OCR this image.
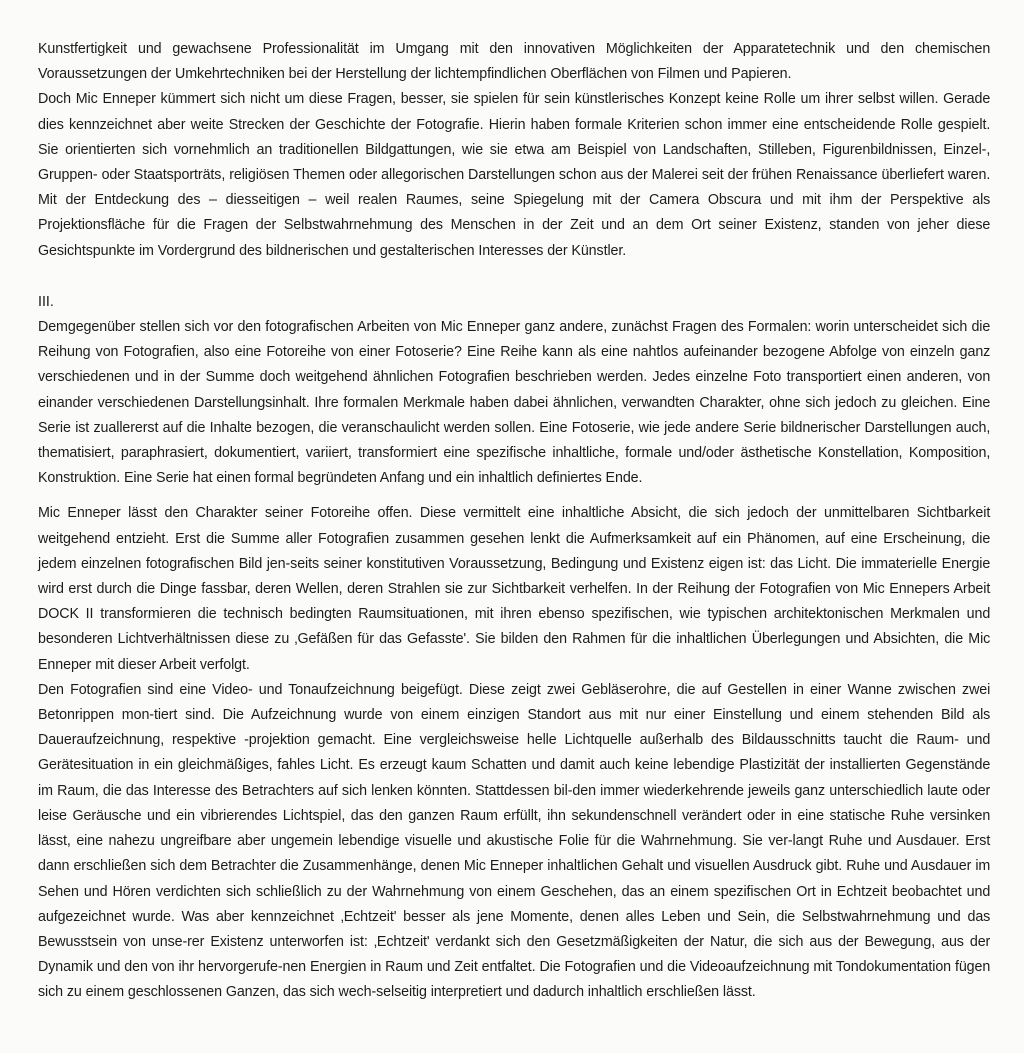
Kunstfertigkeit und gewachsene Professionalität im Umgang mit den innovativen Möglichkeiten der Apparatetechnik und den chemischen Voraussetzungen der Umkehrtechniken bei der Herstellung der lichtempfindlichen Oberflächen von Filmen und Papieren.

Doch Mic Enneper kümmert sich nicht um diese Fragen, besser, sie spielen für sein künstlerisches Konzept keine Rolle um ihrer selbst willen. Gerade dies kennzeichnet aber weite Strecken der Geschichte der Fotografie. Hierin haben formale Kriterien schon immer eine entscheidende Rolle gespielt. Sie orientierten sich vornehmlich an traditionellen Bildgattungen, wie sie etwa am Beispiel von Landschaften, Stilleben, Figurenbildnissen, Einzel-, Gruppen- oder Staatsporträts, religiösen Themen oder allegorischen Darstellungen schon aus der Malerei seit der frühen Renaissance überliefert waren. Mit der Entdeckung des – diesseitigen – weil realen Raumes, seine Spiegelung mit der Camera Obscura und mit ihm der Perspektive als Projektionsfläche für die Fragen der Selbstwahrnehmung des Menschen in der Zeit und an dem Ort seiner Existenz, standen von jeher diese Gesichtspunkte im Vordergrund des bildnerischen und gestalterischen Interesses der Künstler.

III.

Demgegenüber stellen sich vor den fotografischen Arbeiten von Mic Enneper ganz andere, zunächst Fragen des Formalen: worin unterscheidet sich die Reihung von Fotografien, also eine Fotoreihe von einer Fotoserie? Eine Reihe kann als eine nahtlos aufeinander bezogene Abfolge von einzeln ganz verschiedenen und in der Summe doch weitgehend ähnlichen Fotografien beschrieben werden. Jedes einzelne Foto transportiert einen anderen, von einander verschiedenen Darstellungsinhalt. Ihre formalen Merkmale haben dabei ähnlichen, verwandten Charakter, ohne sich jedoch zu gleichen. Eine Serie ist zuallererst auf die Inhalte bezogen, die veranschaulicht werden sollen. Eine Fotoserie, wie jede andere Serie bildnerischer Darstellungen auch, thematisiert, paraphrasiert, dokumentiert, variiert, transformiert eine spezifische inhaltliche, formale und/oder ästhetische Konstellation, Komposition, Konstruktion. Eine Serie hat einen formal begründeten Anfang und ein inhaltlich definiertes Ende.

Mic Enneper lässt den Charakter seiner Fotoreihe offen. Diese vermittelt eine inhaltliche Absicht, die sich jedoch der unmittelbaren Sichtbarkeit weitgehend entzieht. Erst die Summe aller Fotografien zusammen gesehen lenkt die Aufmerksamkeit auf ein Phänomen, auf eine Erscheinung, die jedem einzelnen fotografischen Bild jen-seits seiner konstitutiven Voraussetzung, Bedingung und Existenz eigen ist: das Licht. Die immaterielle Energie wird erst durch die Dinge fassbar, deren Wellen, deren Strahlen sie zur Sichtbarkeit verhelfen. In der Reihung der Fotografien von Mic Ennepers Arbeit DOCK II transformieren die technisch bedingten Raumsituationen, mit ihren ebenso spezifischen, wie typischen architektonischen Merkmalen und besonderen Lichtverhältnissen diese zu ‚Gefäßen für das Gefasste'. Sie bilden den Rahmen für die inhaltlichen Überlegungen und Absichten, die Mic Enneper mit dieser Arbeit verfolgt.

Den Fotografien sind eine Video- und Tonaufzeichnung beigefügt. Diese zeigt zwei Gebläserohre, die auf Gestellen in einer Wanne zwischen zwei Betonrippen mon-tiert sind. Die Aufzeichnung wurde von einem einzigen Standort aus mit nur einer Einstellung und einem stehenden Bild als Daueraufzeichnung, respektive -projektion gemacht. Eine vergleichsweise helle Lichtquelle außerhalb des Bildausschnitts taucht die Raum- und Gerätesituation in ein gleichmäßiges, fahles Licht. Es erzeugt kaum Schatten und damit auch keine lebendige Plastizität der installierten Gegenstände im Raum, die das Interesse des Betrachters auf sich lenken könnten. Stattdessen bil-den immer wiederkehrende jeweils ganz unterschiedlich laute oder leise Geräusche und ein vibrierendes Lichtspiel, das den ganzen Raum erfüllt, ihn sekundenschnell verändert oder in eine statische Ruhe versinken lässt, eine nahezu ungreifbare aber ungemein lebendige visuelle und akustische Folie für die Wahrnehmung. Sie ver-langt Ruhe und Ausdauer. Erst dann erschließen sich dem Betrachter die Zusammenhänge, denen Mic Enneper inhaltlichen Gehalt und visuellen Ausdruck gibt. Ruhe und Ausdauer im Sehen und Hören verdichten sich schließlich zu der Wahrnehmung von einem Geschehen, das an einem spezifischen Ort in Echtzeit beobachtet und aufgezeichnet wurde. Was aber kennzeichnet ‚Echtzeit' besser als jene Momente, denen alles Leben und Sein, die Selbstwahrnehmung und das Bewusstsein von unse-rer Existenz unterworfen ist: ‚Echtzeit' verdankt sich den Gesetzmäßigkeiten der Natur, die sich aus der Bewegung, aus der Dynamik und den von ihr hervorgerufe-nen Energien in Raum und Zeit entfaltet. Die Fotografien und die Videoaufzeichnung mit Tondokumentation fügen sich zu einem geschlossenen Ganzen, das sich wech-selseitig interpretiert und dadurch inhaltlich erschließen lässt.
